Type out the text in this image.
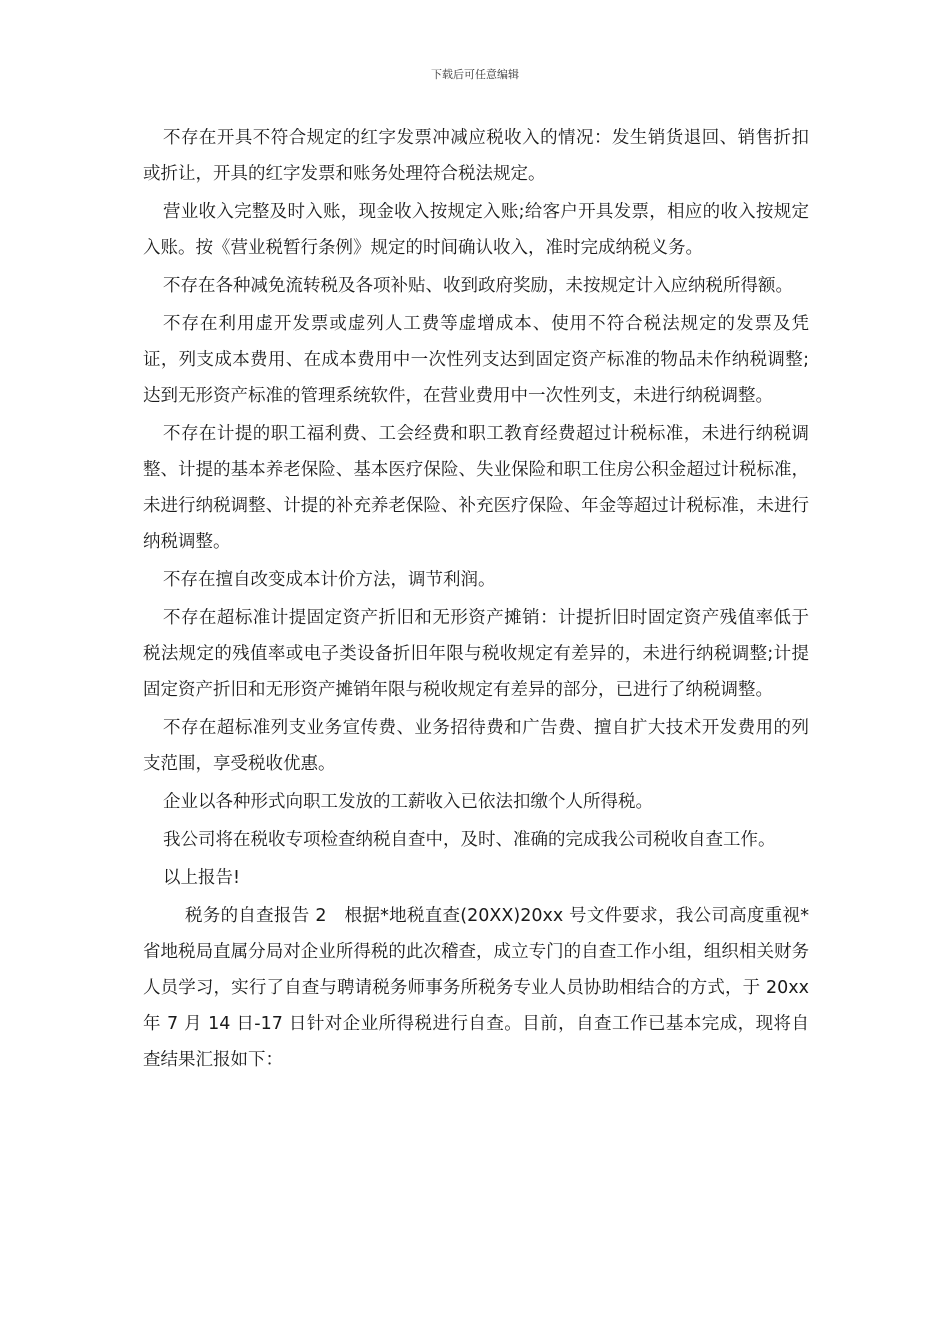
下载后可任意编辑

不存在开具不符合规定的红字发票冲减应税收入的情况：发生销货退回、销售折扣或折让，开具的红字发票和账务处理符合税法规定。

营业收入完整及时入账，现金收入按规定入账;给客户开具发票，相应的收入按规定入账。按《营业税暂行条例》规定的时间确认收入，准时完成纳税义务。

不存在各种减免流转税及各项补贴、收到政府奖励，未按规定计入应纳税所得额。

不存在利用虚开发票或虚列人工费等虚增成本、使用不符合税法规定的发票及凭证，列支成本费用、在成本费用中一次性列支达到固定资产标准的物品未作纳税调整;达到无形资产标准的管理系统软件，在营业费用中一次性列支，未进行纳税调整。

不存在计提的职工福利费、工会经费和职工教育经费超过计税标准，未进行纳税调整、计提的基本养老保险、基本医疗保险、失业保险和职工住房公积金超过计税标准，未进行纳税调整、计提的补充养老保险、补充医疗保险、年金等超过计税标准，未进行纳税调整。

不存在擅自改变成本计价方法，调节利润。

不存在超标准计提固定资产折旧和无形资产摊销：计提折旧时固定资产残值率低于税法规定的残值率或电子类设备折旧年限与税收规定有差异的，未进行纳税调整;计提固定资产折旧和无形资产摊销年限与税收规定有差异的部分，已进行了纳税调整。

不存在超标准列支业务宣传费、业务招待费和广告费、擅自扩大技术开发费用的列支范围，享受税收优惠。

企业以各种形式向职工发放的工薪收入已依法扣缴个人所得税。

我公司将在税收专项检查纳税自查中，及时、准确的完成我公司税收自查工作。

以上报告!

税务的自查报告 2　根据*地税直查(20XX)20xx 号文件要求，我公司高度重视*省地税局直属分局对企业所得税的此次稽查，成立专门的自查工作小组，组织相关财务人员学习，实行了自查与聘请税务师事务所税务专业人员协助相结合的方式，于 20xx 年 7 月 14 日-17 日针对企业所得税进行自查。目前，自查工作已基本完成，现将自查结果汇报如下：
